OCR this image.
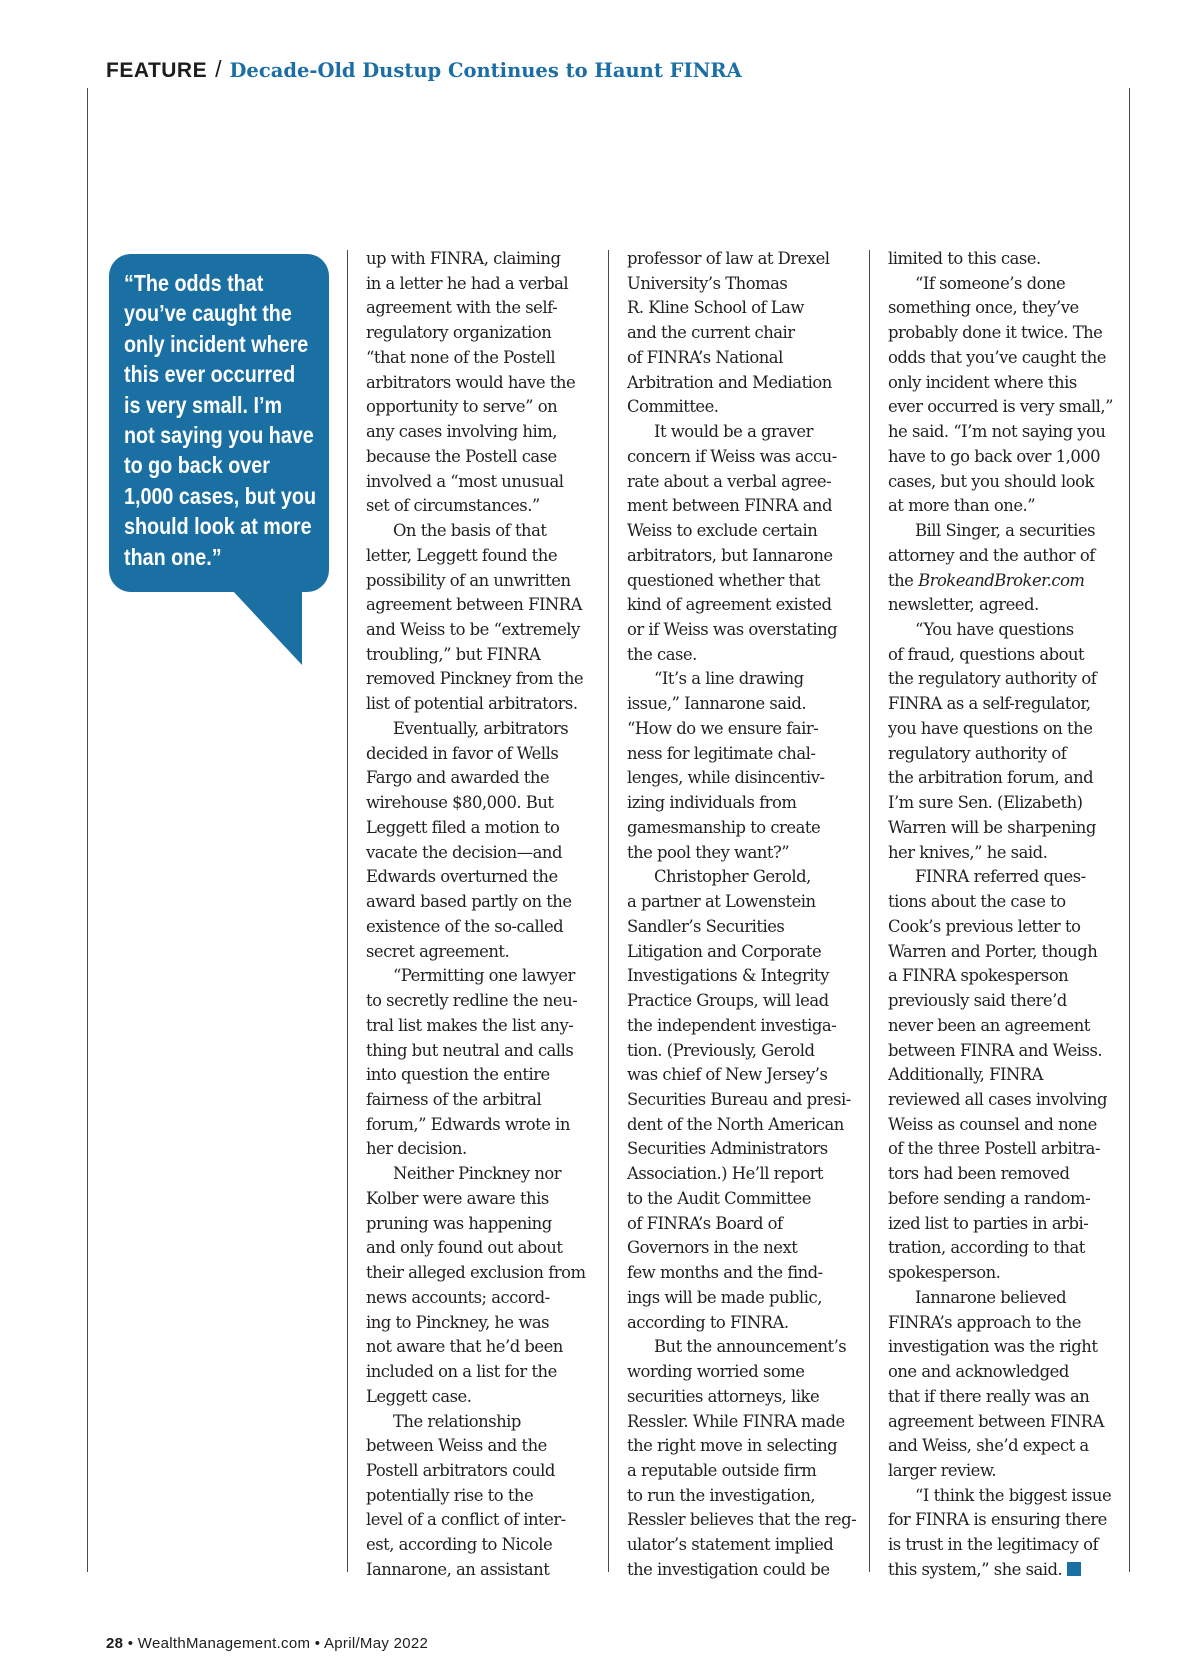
FEATURE / Decade-Old Dustup Continues to Haunt FINRA
“The odds that
you’ve caught the
only incident where
this ever occurred
is very small. I’m
not saying you have
to go back over
1,000 cases, but you
should look at more
than one.”
up with FINRA, claiming
in a letter he had a verbal
agreement with the self-
regulatory organization
“that none of the Postell
arbitrators would have the
opportunity to serve” on
any cases involving him,
because the Postell case
involved a “most unusual
set of circumstances.”
On the basis of that
letter, Leggett found the
possibility of an unwritten
agreement between FINRA
and Weiss to be “extremely
troubling,” but FINRA
removed Pinckney from the
list of potential arbitrators.
Eventually, arbitrators
decided in favor of Wells
Fargo and awarded the
wirehouse $80,000. But
Leggett filed a motion to
vacate the decision—and
Edwards overturned the
award based partly on the
existence of the so-called
secret agreement.
“Permitting one lawyer
to secretly redline the neu-
tral list makes the list any-
thing but neutral and calls
into question the entire
fairness of the arbitral
forum,” Edwards wrote in
her decision.
Neither Pinckney nor
Kolber were aware this
pruning was happening
and only found out about
their alleged exclusion from
news accounts; accord-
ing to Pinckney, he was
not aware that he’d been
included on a list for the
Leggett case.
The relationship
between Weiss and the
Postell arbitrators could
potentially rise to the
level of a conflict of inter-
est, according to Nicole
Iannarone, an assistant
professor of law at Drexel
University’s Thomas
R. Kline School of Law
and the current chair
of FINRA’s National
Arbitration and Mediation
Committee.
It would be a graver
concern if Weiss was accu-
rate about a verbal agree-
ment between FINRA and
Weiss to exclude certain
arbitrators, but Iannarone
questioned whether that
kind of agreement existed
or if Weiss was overstating
the case.
“It’s a line drawing
issue,” Iannarone said.
“How do we ensure fair-
ness for legitimate chal-
lenges, while disincentiv-
izing individuals from
gamesmanship to create
the pool they want?”
Christopher Gerold,
a partner at Lowenstein
Sandler’s Securities
Litigation and Corporate
Investigations & Integrity
Practice Groups, will lead
the independent investiga-
tion. (Previously, Gerold
was chief of New Jersey’s
Securities Bureau and presi-
dent of the North American
Securities Administrators
Association.) He’ll report
to the Audit Committee
of FINRA’s Board of
Governors in the next
few months and the find-
ings will be made public,
according to FINRA.
But the announcement’s
wording worried some
securities attorneys, like
Ressler. While FINRA made
the right move in selecting
a reputable outside firm
to run the investigation,
Ressler believes that the reg-
ulator’s statement implied
the investigation could be
limited to this case.
“If someone’s done
something once, they’ve
probably done it twice. The
odds that you’ve caught the
only incident where this
ever occurred is very small,”
he said. “I’m not saying you
have to go back over 1,000
cases, but you should look
at more than one.”
Bill Singer, a securities
attorney and the author of
the BrokeandBroker.com
newsletter, agreed.
“You have questions
of fraud, questions about
the regulatory authority of
FINRA as a self-regulator,
you have questions on the
regulatory authority of
the arbitration forum, and
I’m sure Sen. (Elizabeth)
Warren will be sharpening
her knives,” he said.
FINRA referred ques-
tions about the case to
Cook’s previous letter to
Warren and Porter, though
a FINRA spokesperson
previously said there’d
never been an agreement
between FINRA and Weiss.
Additionally, FINRA
reviewed all cases involving
Weiss as counsel and none
of the three Postell arbitra-
tors had been removed
before sending a random-
ized list to parties in arbi-
tration, according to that
spokesperson.
Iannarone believed
FINRA’s approach to the
investigation was the right
one and acknowledged
that if there really was an
agreement between FINRA
and Weiss, she’d expect a
larger review.
“I think the biggest issue
for FINRA is ensuring there
is trust in the legitimacy of
this system,” she said.
28 • WealthManagement.com • April/May 2022
